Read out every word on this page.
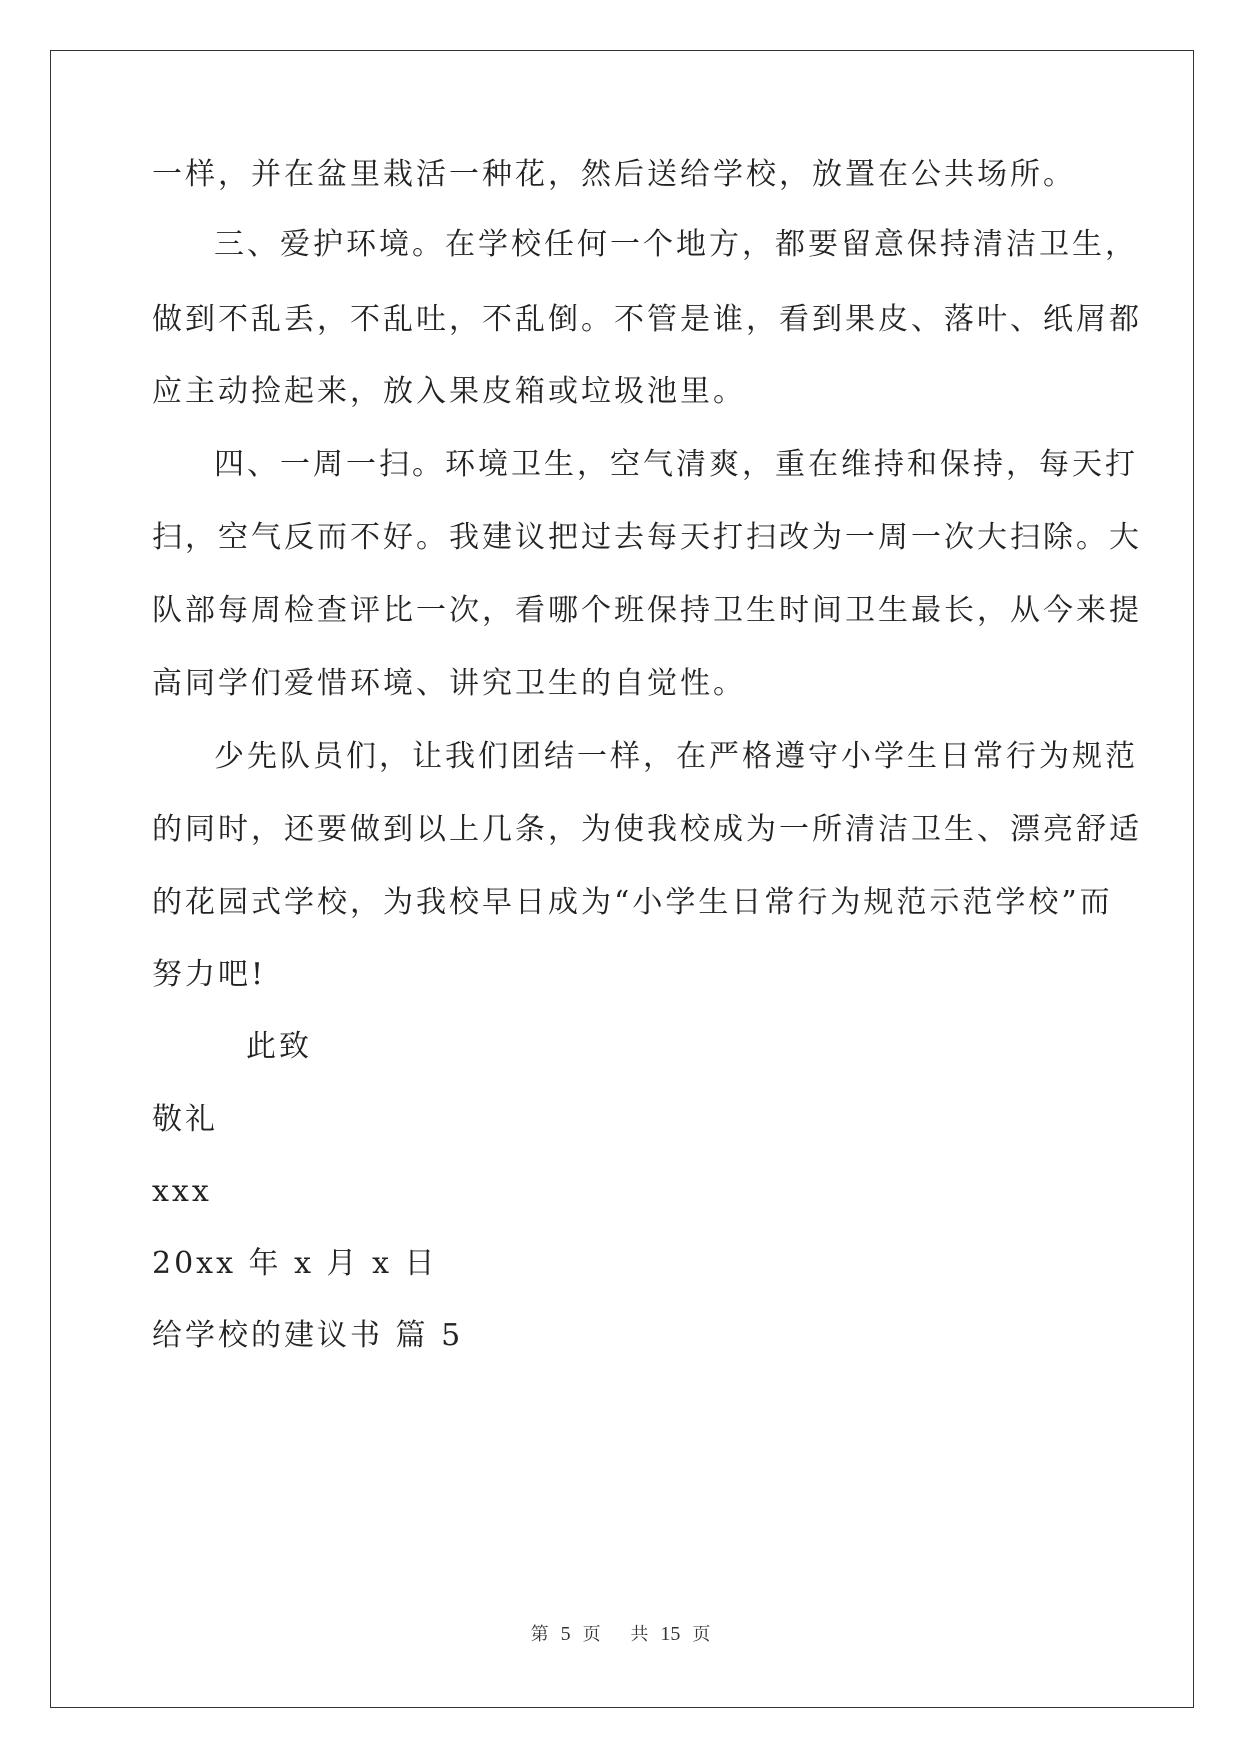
一样，并在盆里栽活一种花，然后送给学校，放置在公共场所。
三、爱护环境。在学校任何一个地方，都要留意保持清洁卫生，
做到不乱丢，不乱吐，不乱倒。不管是谁，看到果皮、落叶、纸屑都
应主动捡起来，放入果皮箱或垃圾池里。
四、一周一扫。环境卫生，空气清爽，重在维持和保持，每天打
扫，空气反而不好。我建议把过去每天打扫改为一周一次大扫除。大
队部每周检查评比一次，看哪个班保持卫生时间卫生最长，从今来提
高同学们爱惜环境、讲究卫生的自觉性。
少先队员们，让我们团结一样，在严格遵守小学生日常行为规范
的同时，还要做到以上几条，为使我校成为一所清洁卫生、漂亮舒适
的花园式学校，为我校早日成为“小学生日常行为规范示范学校”而
努力吧!
此致
敬礼
xxx
20xx 年 x 月 x 日
给学校的建议书 篇 5
第 5 页 共 15 页
